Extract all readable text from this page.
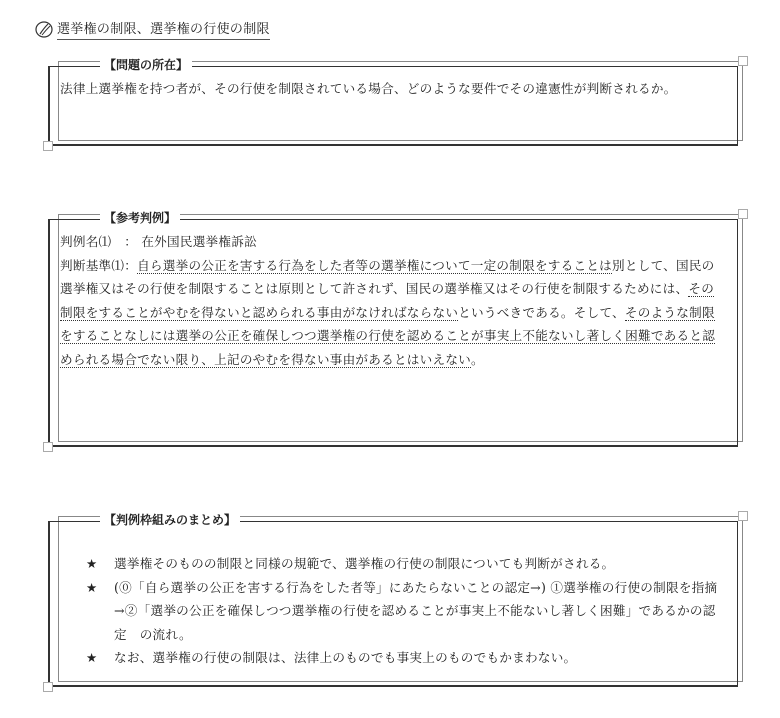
選挙権の制限、選挙権の行使の制限
【問題の所在】

法律上選挙権を持つ者が、その行使を制限されている場合、どのような要件でその違憲性が判断されるか。

【参考判例】

判例名⑴　： 在外国民選挙権訴訟

判断基準⑴：自ら選挙の公正を害する行為をした者等の選挙権について一定の制限をすることは別として、国民の選挙権又はその行使を制限することは原則として許されず、国民の選挙権又はその行使を制限するためには、その制限をすることがやむを得ないと認められる事由がなければならないというべきである。そして、そのような制限をすることなしには選挙の公正を確保しつつ選挙権の行使を認めることが事実上不能ないし著しく困難であると認められる場合でない限り、上記のやむを得ない事由があるとはいえない。

【判例枠組みのまとめ】
★ 選挙権そのものの制限と同様の規範で、選挙権の行使の制限についても判断がされる。
★ (⓪「自ら選挙の公正を害する行為をした者等」にあたらないことの認定→) ①選挙権の行使の制限を指摘→②「選挙の公正を確保しつつ選挙権の行使を認めることが事実上不能ないし著しく困難」であるかの認定　の流れ。
★ なお、選挙権の行使の制限は、法律上のものでも事実上のものでもかまわない。
